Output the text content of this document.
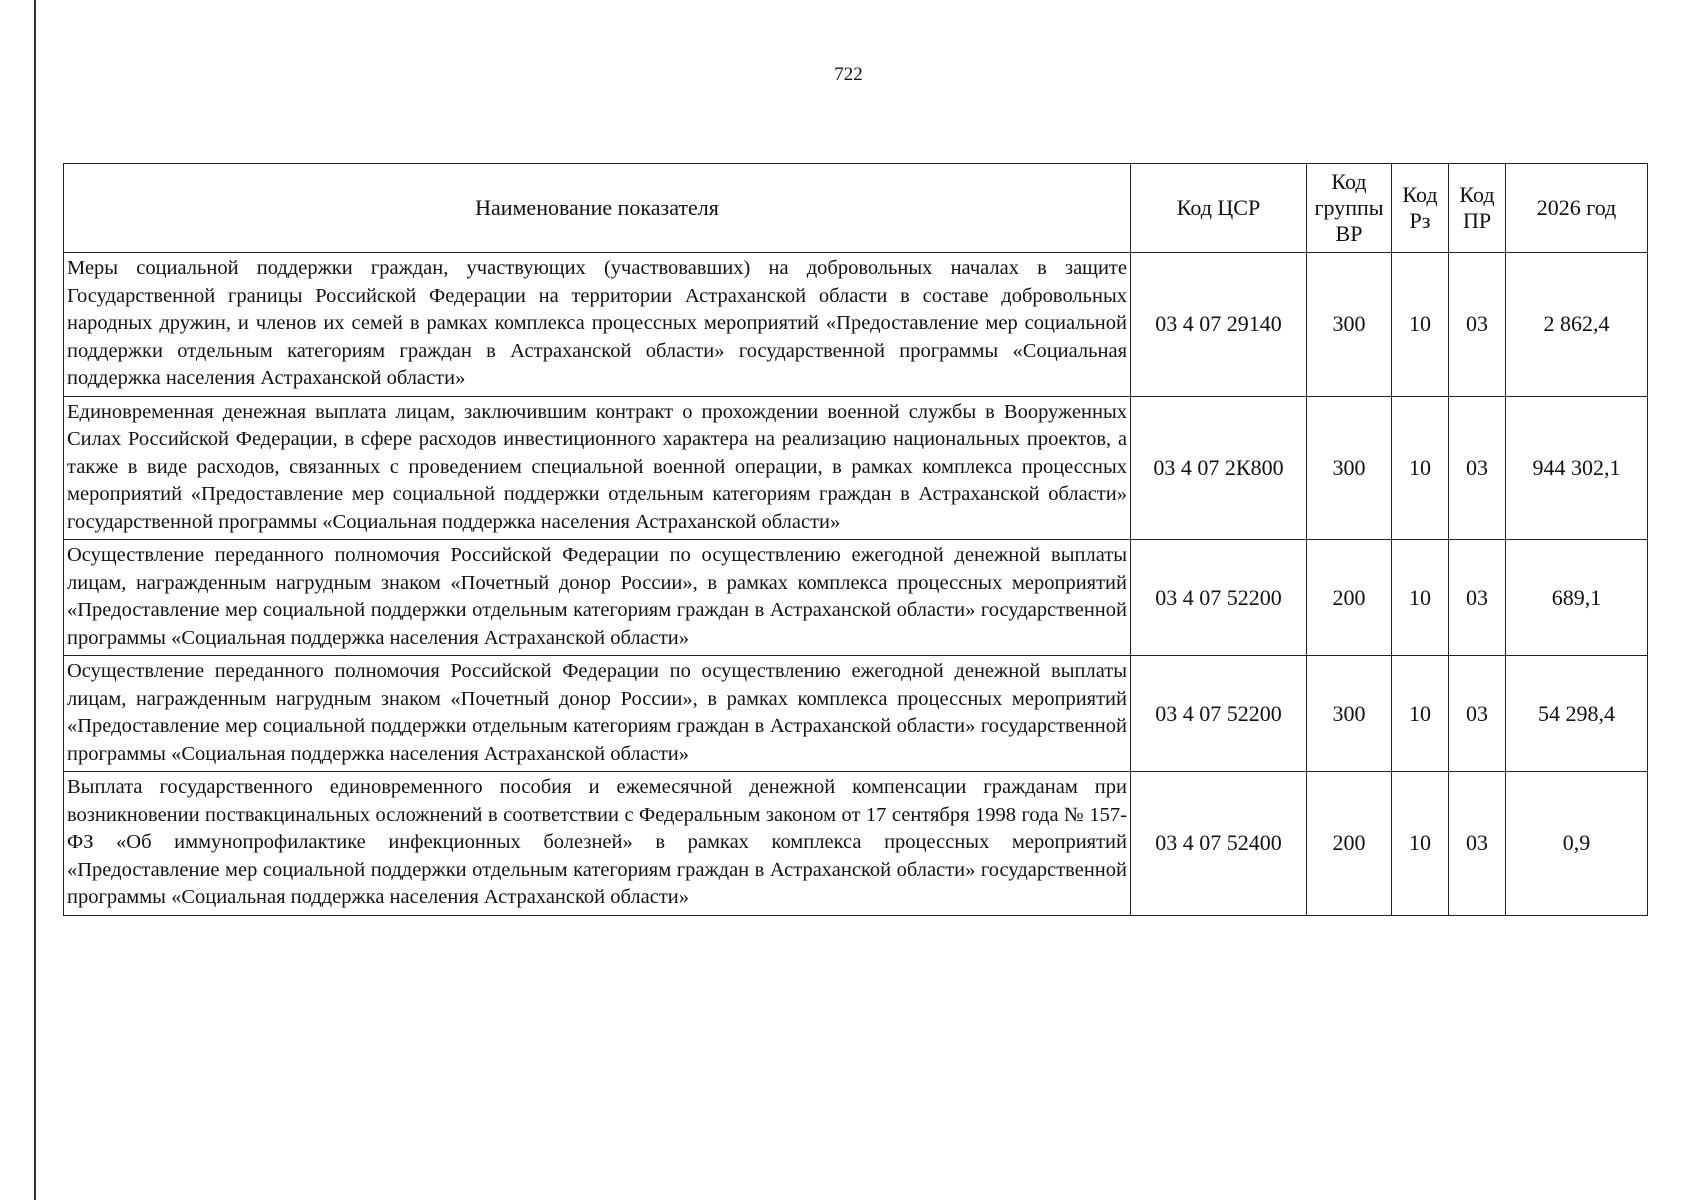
722
Наименование показателя	Код ЦСР	Код группы ВР	Код Рз	Код ПР	2026 год
Меры социальной поддержки граждан, участвующих (участвовавших) на добровольных началах в защите Государственной границы Российской Федерации на территории Астраханской области в составе добровольных народных дружин, и членов их семей в рамках комплекса процессных мероприятий «Предоставление мер социальной поддержки отдельным категориям граждан в Астраханской области» государственной программы «Социальная поддержка населения Астраханской области»	03 4 07 29140	300	10	03	2 862,4
Единовременная денежная выплата лицам, заключившим контракт о прохождении военной службы в Вооруженных Силах Российской Федерации, в сфере расходов инвестиционного характера на реализацию национальных проектов, а также в виде расходов, связанных с проведением специальной военной операции, в рамках комплекса процессных мероприятий «Предоставление мер социальной поддержки отдельным категориям граждан в Астраханской области» государственной программы «Социальная поддержка населения Астраханской области»	03 4 07 2К800	300	10	03	944 302,1
Осуществление переданного полномочия Российской Федерации по осуществлению ежегодной денежной выплаты лицам, награжденным нагрудным знаком «Почетный донор России», в рамках комплекса процессных мероприятий «Предоставление мер социальной поддержки отдельным категориям граждан в Астраханской области» государственной программы «Социальная поддержка населения Астраханской области»	03 4 07 52200	200	10	03	689,1
Осуществление переданного полномочия Российской Федерации по осуществлению ежегодной денежной выплаты лицам, награжденным нагрудным знаком «Почетный донор России», в рамках комплекса процессных мероприятий «Предоставление мер социальной поддержки отдельным категориям граждан в Астраханской области» государственной программы «Социальная поддержка населения Астраханской области»	03 4 07 52200	300	10	03	54 298,4
Выплата государственного единовременного пособия и ежемесячной денежной компенсации гражданам при возникновении поствакцинальных осложнений в соответствии с Федеральным законом от 17 сентября 1998 года № 157-ФЗ «Об иммунопрофилактике инфекционных болезней» в рамках комплекса процессных мероприятий «Предоставление мер социальной поддержки отдельным категориям граждан в Астраханской области» государственной программы «Социальная поддержка населения Астраханской области»	03 4 07 52400	200	10	03	0,9
